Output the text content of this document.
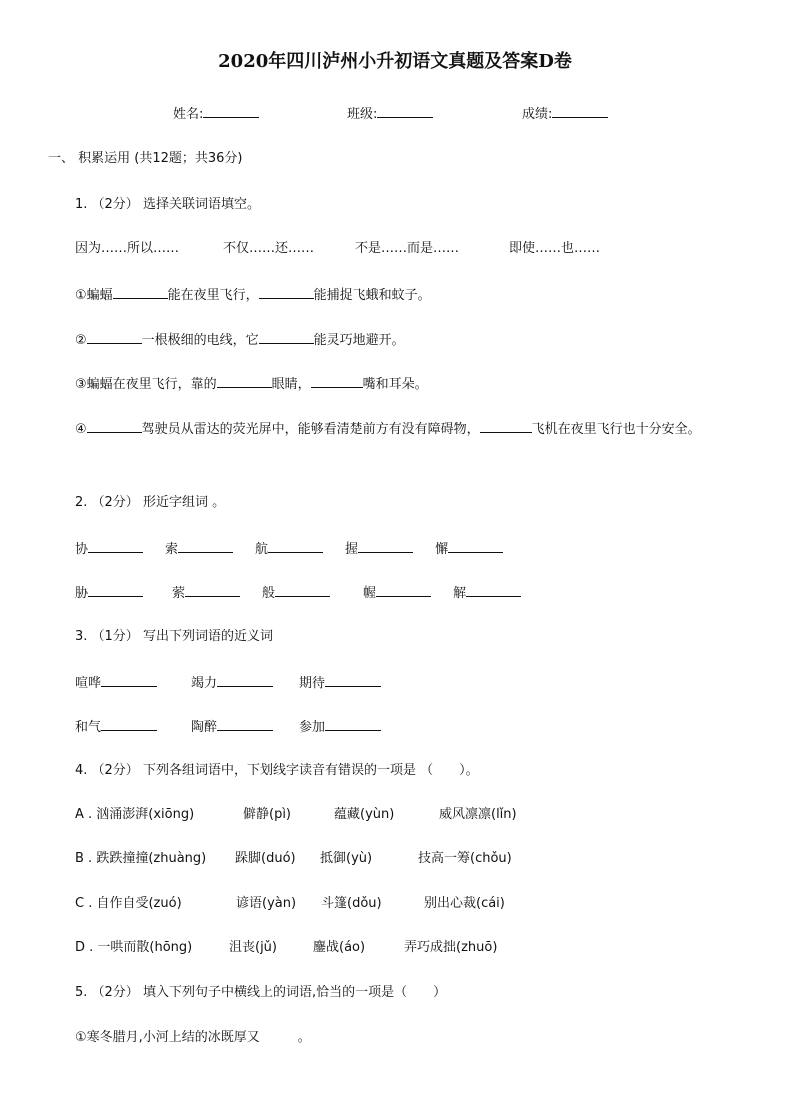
2020年四川泸州小升初语文真题及答案D卷
姓名:	班级:	成绩:
一、 积累运用 (共12题；共36分)
1. （2分） 选择关联词语填空。
因为……所以……	不仅……还……	不是……而是……	即使……也……
①蝙蝠	能在夜里飞行，	能捕捉飞蛾和蚊子。
②	一根极细的电线，它	能灵巧地避开。
③蝙蝠在夜里飞行，靠的	眼睛，	嘴和耳朵。
④	驾驶员从雷达的荧光屏中，能够看清楚前方有没有障碍物，	飞机在夜里飞行也十分安全。
2. （2分） 形近字组词 。
协	索	航	握	懈
胁	萦	般	幄	解
3. （1分） 写出下列词语的近义词
喧哗	竭力	期待
和气	陶醉	参加
4. （2分） 下列各组词语中，下划线字读音有错误的一项是 （　　）。
A . 汹涌澎湃(xiōng)	僻静(pì)	蕴藏(yùn)	威风凛凛(lǐn)
B . 跌跌撞撞(zhuàng) 跺脚(duó) 抵御(yù)	技高一筹(chǒu)
C . 自作自受(zuó)	谚语(yàn) 斗篷(dǒu)	别出心裁(cái)
D . 一哄而散(hōng)	沮丧(jǔ)	鏖战(áo)	弄巧成拙(zhuō)
5. （2分） 填入下列句子中横线上的词语,恰当的一项是（　　）
①寒冬腊月,小河上结的冰既厚又	。
